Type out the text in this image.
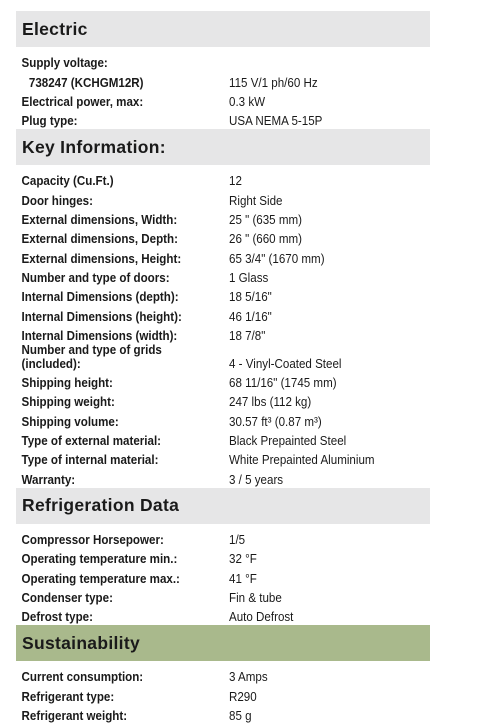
Electric
Supply voltage:
738247 (KCHGM12R)	115 V/1 ph/60 Hz
Electrical power, max:	0.3 kW
Plug type:	USA NEMA 5-15P
Key Information:
Capacity (Cu.Ft.)	12
Door hinges:	Right Side
External dimensions, Width:	25 " (635 mm)
External dimensions, Depth:	26 " (660 mm)
External dimensions, Height:	65 3/4" (1670 mm)
Number and type of doors:	1 Glass
Internal Dimensions (depth):	18 5/16"
Internal Dimensions (height):	46 1/16"
Internal Dimensions (width):	18 7/8"
Number and type of grids (included):	4 - Vinyl-Coated Steel
Shipping height:	68 11/16" (1745 mm)
Shipping weight:	247 lbs (112 kg)
Shipping volume:	30.57 ft³ (0.87 m³)
Type of external material:	Black Prepainted Steel
Type of internal material:	White Prepainted Aluminium
Warranty:	3 / 5 years
Refrigeration Data
Compressor Horsepower:	1/5
Operating temperature min.:	32 °F
Operating temperature max.:	41 °F
Condenser type:	Fin & tube
Defrost type:	Auto Defrost
Sustainability
Current consumption:	3 Amps
Refrigerant type:	R290
Refrigerant weight:	85 g
